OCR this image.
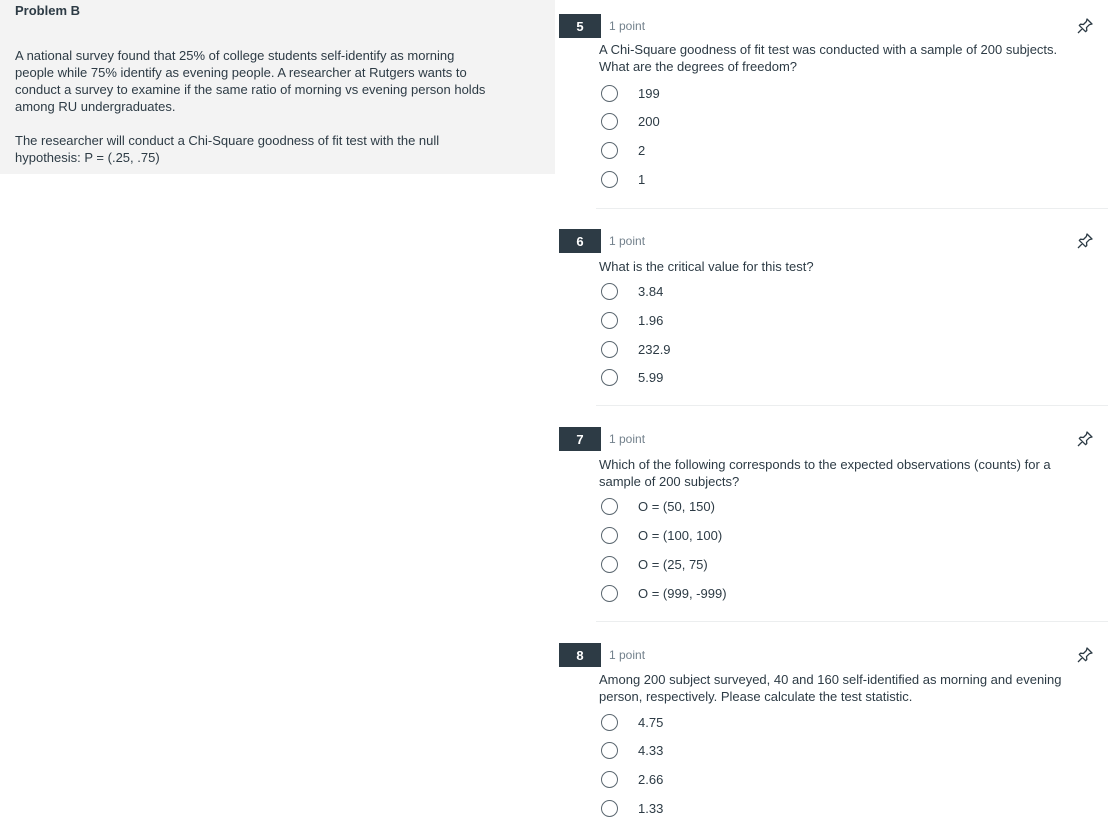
Problem B
A national survey found that 25% of college students self-identify as morning
people while 75% identify as evening people. A researcher at Rutgers wants to
conduct a survey to examine if the same ratio of morning vs evening person holds
among RU undergraduates.
The researcher will conduct a Chi-Square goodness of fit test with the null
hypothesis: P = (.25, .75)
5	1 point
A Chi-Square goodness of fit test was conducted with a sample of 200 subjects.
What are the degrees of freedom?
199
200
2
1
6	1 point
What is the critical value for this test?
3.84
1.96
232.9
5.99
7	1 point
Which of the following corresponds to the expected observations (counts) for a
sample of 200 subjects?
O = (50, 150)
O = (100, 100)
O = (25, 75)
O = (999, -999)
8	1 point
Among 200 subject surveyed, 40 and 160 self-identified as morning and evening
person, respectively. Please calculate the test statistic.
4.75
4.33
2.66
1.33
